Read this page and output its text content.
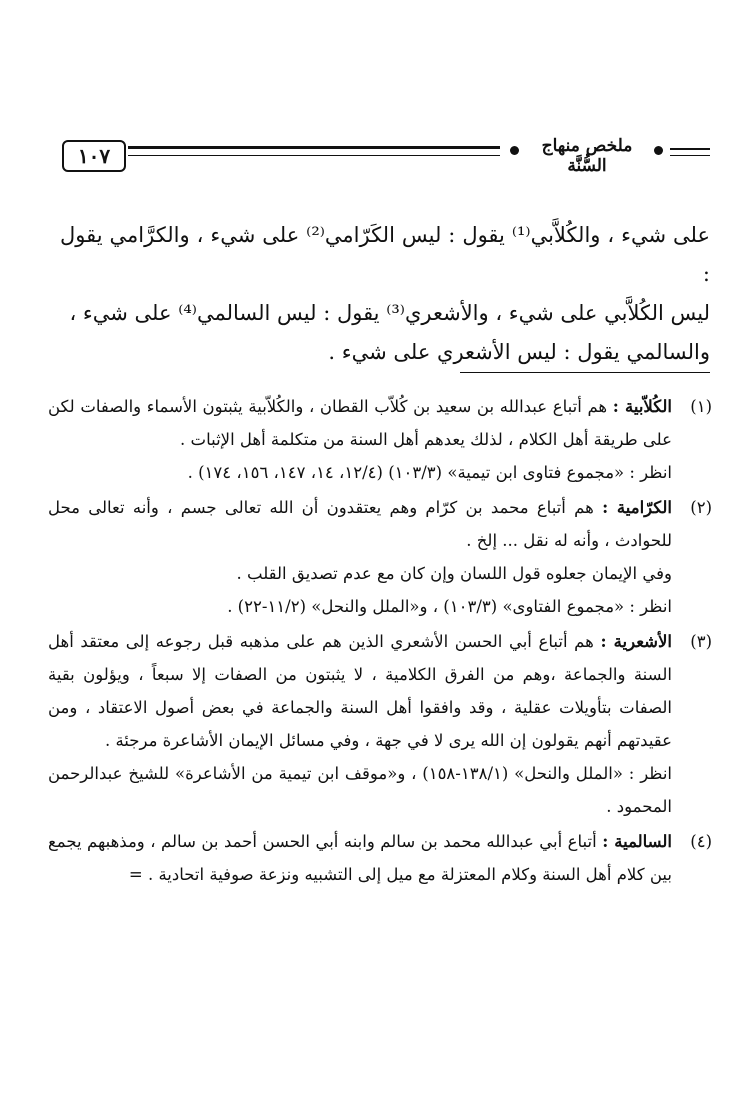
١٠٧	ملخص منهاج السُّنَّة

على شيء ، والكُلاَّبي⁽¹⁾ يقول : ليس الكَرّامي⁽²⁾ على شيء ، والكرَّامي يقول :

ليس الكُلاَّبي على شيء ، والأشعري⁽³⁾ يقول : ليس السالمي⁽⁴⁾ على شيء ،

والسالمي يقول : ليس الأشعري على شيء .

(١)

الكُلاّبية : هم أتباع عبدالله بن سعيد بن كُلاّب القطان ، والكُلاّبية يثبتون الأسماء والصفات لكن على طريقة أهل الكلام ، لذلك يعدهم أهل السنة من متكلمة أهل الإثبات .

انظر : «مجموع فتاوى ابن تيمية» (١٠٣/٣) (١٢/٤، ١٤، ١٤٧، ١٥٦، ١٧٤) .

(٢)

الكرّامية : هم أتباع محمد بن كرّام وهم يعتقدون أن الله تعالى جسم ، وأنه تعالى محل للحوادث ، وأنه له نقل ... إلخ .

وفي الإيمان جعلوه قول اللسان وإن كان مع عدم تصديق القلب .

انظر : «مجموع الفتاوى» (١٠٣/٣) ، و«الملل والنحل» (١١/٢-٢٢) .

(٣)

الأشعرية : هم أتباع أبي الحسن الأشعري الذين هم على مذهبه قبل رجوعه إلى معتقد أهل السنة والجماعة ،وهم من الفرق الكلامية ، لا يثبتون من الصفات إلا سبعاً ، ويؤلون بقية الصفات بتأويلات عقلية ، وقد وافقوا أهل السنة والجماعة في بعض أصول الاعتقاد ، ومن عقيدتهم أنهم يقولون إن الله يرى لا في جهة ، وفي مسائل الإيمان الأشاعرة مرجئة .

انظر : «الملل والنحل» (١٣٨/١-١٥٨) ، و«موقف ابن تيمية من الأشاعرة» للشيخ عبدالرحمن المحمود .

(٤)

السالمية : أتباع أبي عبدالله محمد بن سالم وابنه أبي الحسن أحمد بن سالم ، ومذهبهم يجمع بين كلام أهل السنة وكلام المعتزلة مع ميل إلى التشبيه ونزعة صوفية اتحادية . =
